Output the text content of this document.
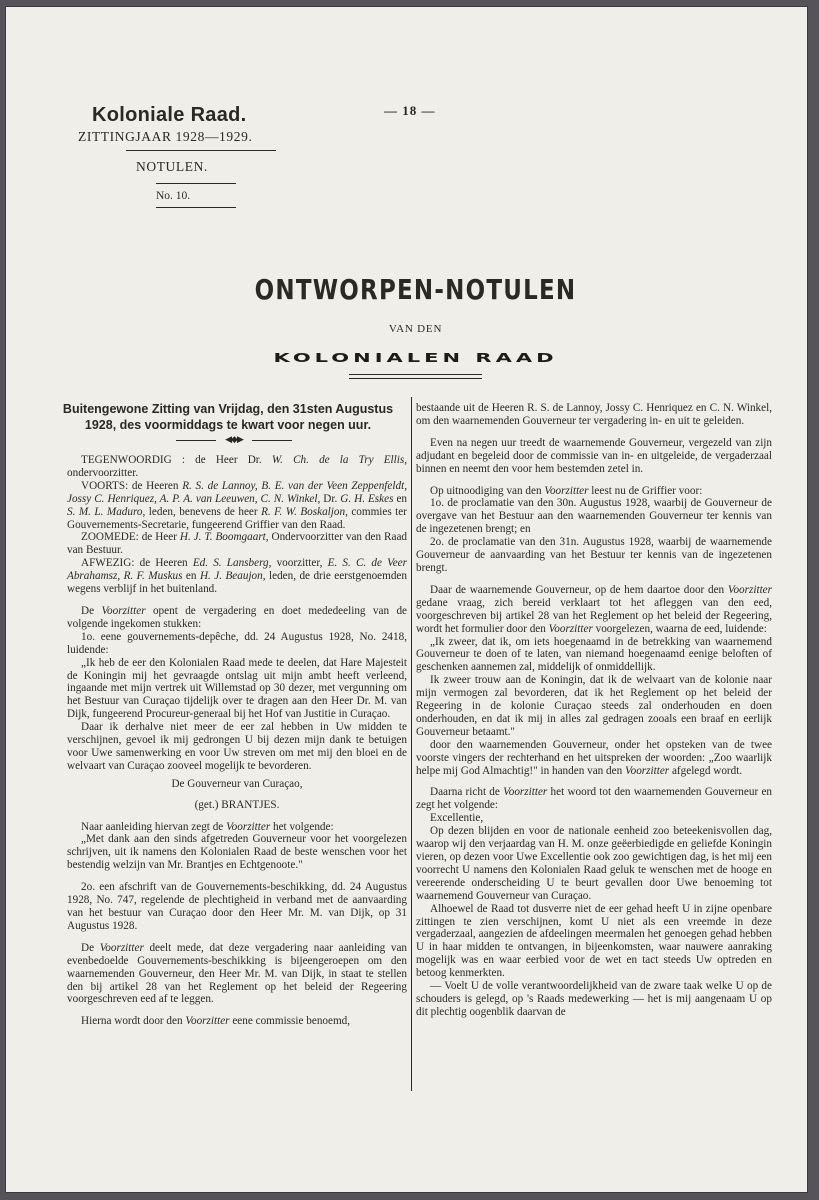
Koloniale Raad.
ZITTINGJAAR 1928—1929.
NOTULEN.
No. 10.
— 18 —
ONTWORPEN-NOTULEN
VAN DEN
KOLONIALEN RAAD
Buitengewone Zitting van Vrijdag, den 31sten Augustus 1928, des voormiddags te kwart voor negen uur.
◀◆▶

TEGENWOORDIG : de Heer Dr. W. Ch. de la Try Ellis, ondervoorzitter.

VOORTS: de Heeren R. S. de Lannoy, B. E. van der Veen Zeppenfeldt, Jossy C. Henriquez, A. P. A. van Leeuwen, C. N. Winkel, Dr. G. H. Eskes en S. M. L. Maduro, leden, benevens de heer R. F. W. Boskaljon, commies ter Gouvernements-Secretarie, fungeerend Griffier van den Raad.

ZOOMEDE: de Heer H. J. T. Boomgaart, Ondervoorzitter van den Raad van Bestuur.

AFWEZIG: de Heeren Ed. S. Lansberg, voorzitter, E. S. C. de Veer Abrahamsz, R. F. Muskus en H. J. Beaujon, leden, de drie eerstgenoemden wegens verblijf in het buitenland.

De Voorzitter opent de vergadering en doet mededeeling van de volgende ingekomen stukken:

1o. eene gouvernements-depêche, dd. 24 Augustus 1928, No. 2418, luidende:

„Ik heb de eer den Kolonialen Raad mede te deelen, dat Hare Majesteit de Koningin mij het gevraagde ontslag uit mijn ambt heeft verleend, ingaande met mijn vertrek uit Willemstad op 30 dezer, met vergunning om het Bestuur van Curaçao tijdelijk over te dragen aan den Heer Dr. M. van Dijk, fungeerend Procureur-generaal bij het Hof van Justitie in Curaçao.

Daar ik derhalve niet meer de eer zal hebben in Uw midden te verschijnen, gevoel ik mij gedrongen U bij dezen mijn dank te betuigen voor Uwe samenwerking en voor Uw streven om met mij den bloei en de welvaart van Curaçao zooveel mogelijk te bevorderen.

De Gouverneur van Curaçao,

(get.) BRANTJES.

Naar aanleiding hiervan zegt de Voorzitter het volgende:

„Met dank aan den sinds afgetreden Gouverneur voor het voorgelezen schrijven, uit ik namens den Kolonialen Raad de beste wenschen voor het bestendig welzijn van Mr. Brantjes en Echtgenoote."

2o. een afschrift van de Gouvernements-beschikking, dd. 24 Augustus 1928, No. 747, regelende de plechtigheid in verband met de aanvaarding van het bestuur van Curaçao door den Heer Mr. M. van Dijk, op 31 Augustus 1928.

De Voorzitter deelt mede, dat deze vergadering naar aanleiding van evenbedoelde Gouvernements-beschikking is bijeengeroepen om den waarnemenden Gouverneur, den Heer Mr. M. van Dijk, in staat te stellen den bij artikel 28 van het Reglement op het beleid der Regeering voorgeschreven eed af te leggen.

Hierna wordt door den Voorzitter eene commissie benoemd,

bestaande uit de Heeren R. S. de Lannoy, Jossy C. Henriquez en C. N. Winkel, om den waarnemenden Gouverneur ter vergadering in- en uit te geleiden.

Even na negen uur treedt de waarnemende Gouverneur, vergezeld van zijn adjudant en begeleid door de commissie van in- en uitgeleide, de vergaderzaal binnen en neemt den voor hem bestemden zetel in.

Op uitnoodiging van den Voorzitter leest nu de Griffier voor:

1o. de proclamatie van den 30n. Augustus 1928, waarbij de Gouverneur de overgave van het Bestuur aan den waarnemenden Gouverneur ter kennis van de ingezetenen brengt; en

2o. de proclamatie van den 31n. Augustus 1928, waarbij de waarnemende Gouverneur de aanvaarding van het Bestuur ter kennis van de ingezetenen brengt.

Daar de waarnemende Gouverneur, op de hem daartoe door den Voorzitter gedane vraag, zich bereid verklaart tot het afleggen van den eed, voorgeschreven bij artikel 28 van het Reglement op het beleid der Regeering, wordt het formulier door den Voorzitter voorgelezen, waarna de eed, luidende:

„Ik zweer, dat ik, om iets hoegenaamd in de betrekking van waarnemend Gouverneur te doen of te laten, van niemand hoegenaamd eenige beloften of geschenken aannemen zal, middelijk of onmiddellijk.

Ik zweer trouw aan de Koningin, dat ik de welvaart van de kolonie naar mijn vermogen zal bevorderen, dat ik het Reglement op het beleid der Regeering in de kolonie Curaçao steeds zal onderhouden en doen onderhouden, en dat ik mij in alles zal gedragen zooals een braaf en eerlijk Gouverneur betaamt."

door den waarnemenden Gouverneur, onder het opsteken van de twee voorste vingers der rechterhand en het uitspreken der woorden: „Zoo waarlijk helpe mij God Almachtig!" in handen van den Voorzitter afgelegd wordt.

Daarna richt de Voorzitter het woord tot den waarnemenden Gouverneur en zegt het volgende:

Excellentie,

Op dezen blijden en voor de nationale eenheid zoo beteekenisvollen dag, waarop wij den verjaardag van H. M. onze geëerbiedigde en geliefde Koningin vieren, op dezen voor Uwe Excellentie ook zoo gewichtigen dag, is het mij een voorrecht U namens den Kolonialen Raad geluk te wenschen met de hooge en vereerende onderscheiding U te beurt gevallen door Uwe benoeming tot waarnemend Gouverneur van Curaçao.

Alhoewel de Raad tot dusverre niet de eer gehad heeft U in zijne openbare zittingen te zien verschijnen, komt U niet als een vreemde in deze vergaderzaal, aangezien de afdeelingen meermalen het genoegen gehad hebben U in haar midden te ontvangen, in bijeenkomsten, waar nauwere aanraking mogelijk was en waar eerbied voor de wet en tact steeds Uw optreden en betoog kenmerkten.

— Voelt U de volle verantwoordelijkheid van de zware taak welke U op de schouders is gelegd, op 's Raads medewerking — het is mij aangenaam U op dit plechtig oogenblik daarvan de
